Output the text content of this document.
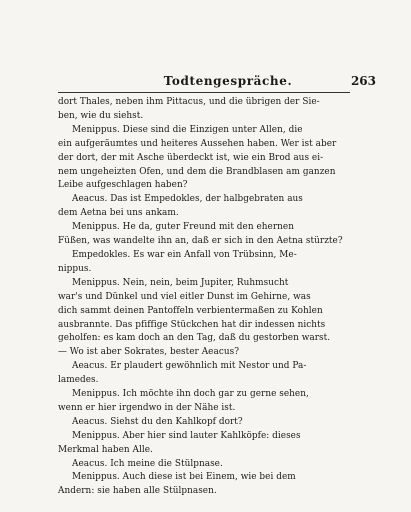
Todtengespräche.	263
dort Thales, neben ihm Pittacus, und die übrigen der Sie-
ben, wie du siehst.
Menippus. Diese sind die Einzigen unter Allen, die
ein aufgeräumtes und heiteres Aussehen haben. Wer ist aber
der dort, der mit Asche überdeckt ist, wie ein Brod aus ei-
nem ungeheizten Ofen, und dem die Brandblasen am ganzen
Leibe aufgeschlagen haben?
Aeacus. Das ist Empedokles, der halbgebraten aus
dem Aetna bei uns ankam.
Menippus. He da, guter Freund mit den ehernen
Füßen, was wandelte ihn an, daß er sich in den Aetna stürzte?
Empedokles. Es war ein Anfall von Trübsinn, Me-
nippus.
Menippus. Nein, nein, beim Jupiter, Ruhmsucht
war's und Dünkel und viel eitler Dunst im Gehirne, was
dich sammt deinen Pantoffeln verbientermaßen zu Kohlen
ausbrannte. Das pfiffige Stückchen hat dir indessen nichts
geholfen: es kam doch an den Tag, daß du gestorben warst.
— Wo ist aber Sokrates, bester Aeacus?
Aeacus. Er plaudert gewöhnlich mit Nestor und Pa-
lamedes.
Menippus. Ich möchte ihn doch gar zu gerne sehen,
wenn er hier irgendwo in der Nähe ist.
Aeacus. Siehst du den Kahlkopf dort?
Menippus. Aber hier sind lauter Kahlköpfe: dieses
Merkmal haben Alle.
Aeacus. Ich meine die Stülpnase.
Menippus. Auch diese ist bei Einem, wie bei dem
Andern: sie haben alle Stülpnasen.
